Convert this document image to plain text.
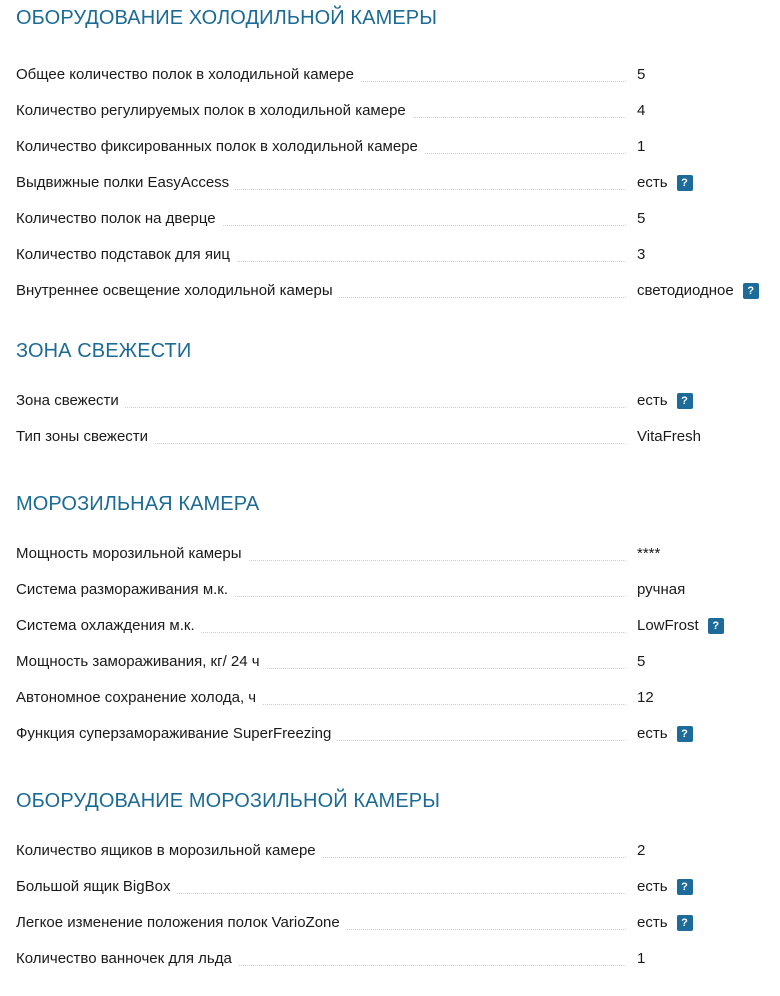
ОБОРУДОВАНИЕ ХОЛОДИЛЬНОЙ КАМЕРЫ
Общее количество полок в холодильной камере	5
Количество регулируемых полок в холодильной камере	4
Количество фиксированных полок в холодильной камере	1
Выдвижные полки EasyAccess	есть
?
Количество полок на дверце	5
Количество подставок для яиц	3
Внутреннее освещение холодильной камеры	светодиодное
?
ЗОНА СВЕЖЕСТИ
Зона свежести	есть
?
Тип зоны свежести	VitaFresh
МОРОЗИЛЬНАЯ КАМЕРА
Мощность морозильной камеры	****
Система размораживания м.к.	ручная
Система охлаждения м.к.	LowFrost
?
Мощность замораживания, кг/ 24 ч	5
Автономное сохранение холода, ч	12
Функция суперзамораживание SuperFreezing	есть
?
ОБОРУДОВАНИЕ МОРОЗИЛЬНОЙ КАМЕРЫ
Количество ящиков в морозильной камере	2
Большой ящик BigBox	есть
?
Легкое изменение положения полок VarioZone	есть
?
Количество ванночек для льда	1
